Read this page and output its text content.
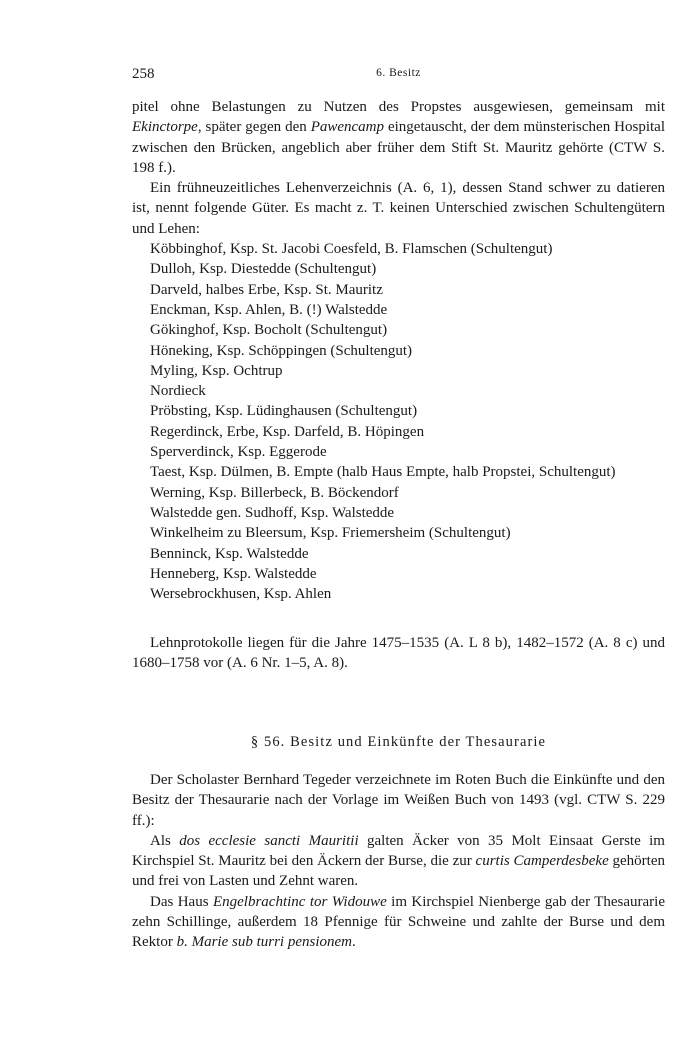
258	6. Besitz

pitel ohne Belastungen zu Nutzen des Propstes ausgewiesen, gemeinsam mit Ekinctorpe, später gegen den Pawencamp eingetauscht, der dem münsterischen Hospital zwischen den Brücken, angeblich aber früher dem Stift St. Mauritz gehörte (CTW S. 198 f.).

Ein frühneuzeitliches Lehenverzeichnis (A. 6, 1), dessen Stand schwer zu datieren ist, nennt folgende Güter. Es macht z. T. keinen Unterschied zwischen Schultengütern und Lehen:

Köbbinghof, Ksp. St. Jacobi Coesfeld, B. Flamschen (Schultengut)
Dulloh, Ksp. Diestedde (Schultengut)
Darveld, halbes Erbe, Ksp. St. Mauritz
Enckman, Ksp. Ahlen, B. (!) Walstedde
Gökinghof, Ksp. Bocholt (Schultengut)
Höneking, Ksp. Schöppingen (Schultengut)
Myling, Ksp. Ochtrup
Nordieck
Pröbsting, Ksp. Lüdinghausen (Schultengut)
Regerdinck, Erbe, Ksp. Darfeld, B. Höpingen
Sperverdinck, Ksp. Eggerode
Taest, Ksp. Dülmen, B. Empte (halb Haus Empte, halb Propstei, Schultengut)
Werning, Ksp. Billerbeck, B. Böckendorf
Walstedde gen. Sudhoff, Ksp. Walstedde
Winkelheim zu Bleersum, Ksp. Friemersheim (Schultengut)
Benninck, Ksp. Walstedde
Henneberg, Ksp. Walstedde
Wersebrockhusen, Ksp. Ahlen

Lehnprotokolle liegen für die Jahre 1475–1535 (A. L 8 b), 1482–1572 (A. 8 c) und 1680–1758 vor (A. 6 Nr. 1–5, A. 8).

§ 56. Besitz und Einkünfte der Thesaurarie

Der Scholaster Bernhard Tegeder verzeichnete im Roten Buch die Einkünfte und den Besitz der Thesaurarie nach der Vorlage im Weißen Buch von 1493 (vgl. CTW S. 229 ff.):

Als dos ecclesie sancti Mauritii galten Äcker von 35 Molt Einsaat Gerste im Kirchspiel St. Mauritz bei den Äckern der Burse, die zur curtis Camperdesbeke gehörten und frei von Lasten und Zehnt waren.

Das Haus Engelbrachtinc tor Widouwe im Kirchspiel Nienberge gab der Thesaurarie zehn Schillinge, außerdem 18 Pfennige für Schweine und zahlte der Burse und dem Rektor b. Marie sub turri pensionem.
